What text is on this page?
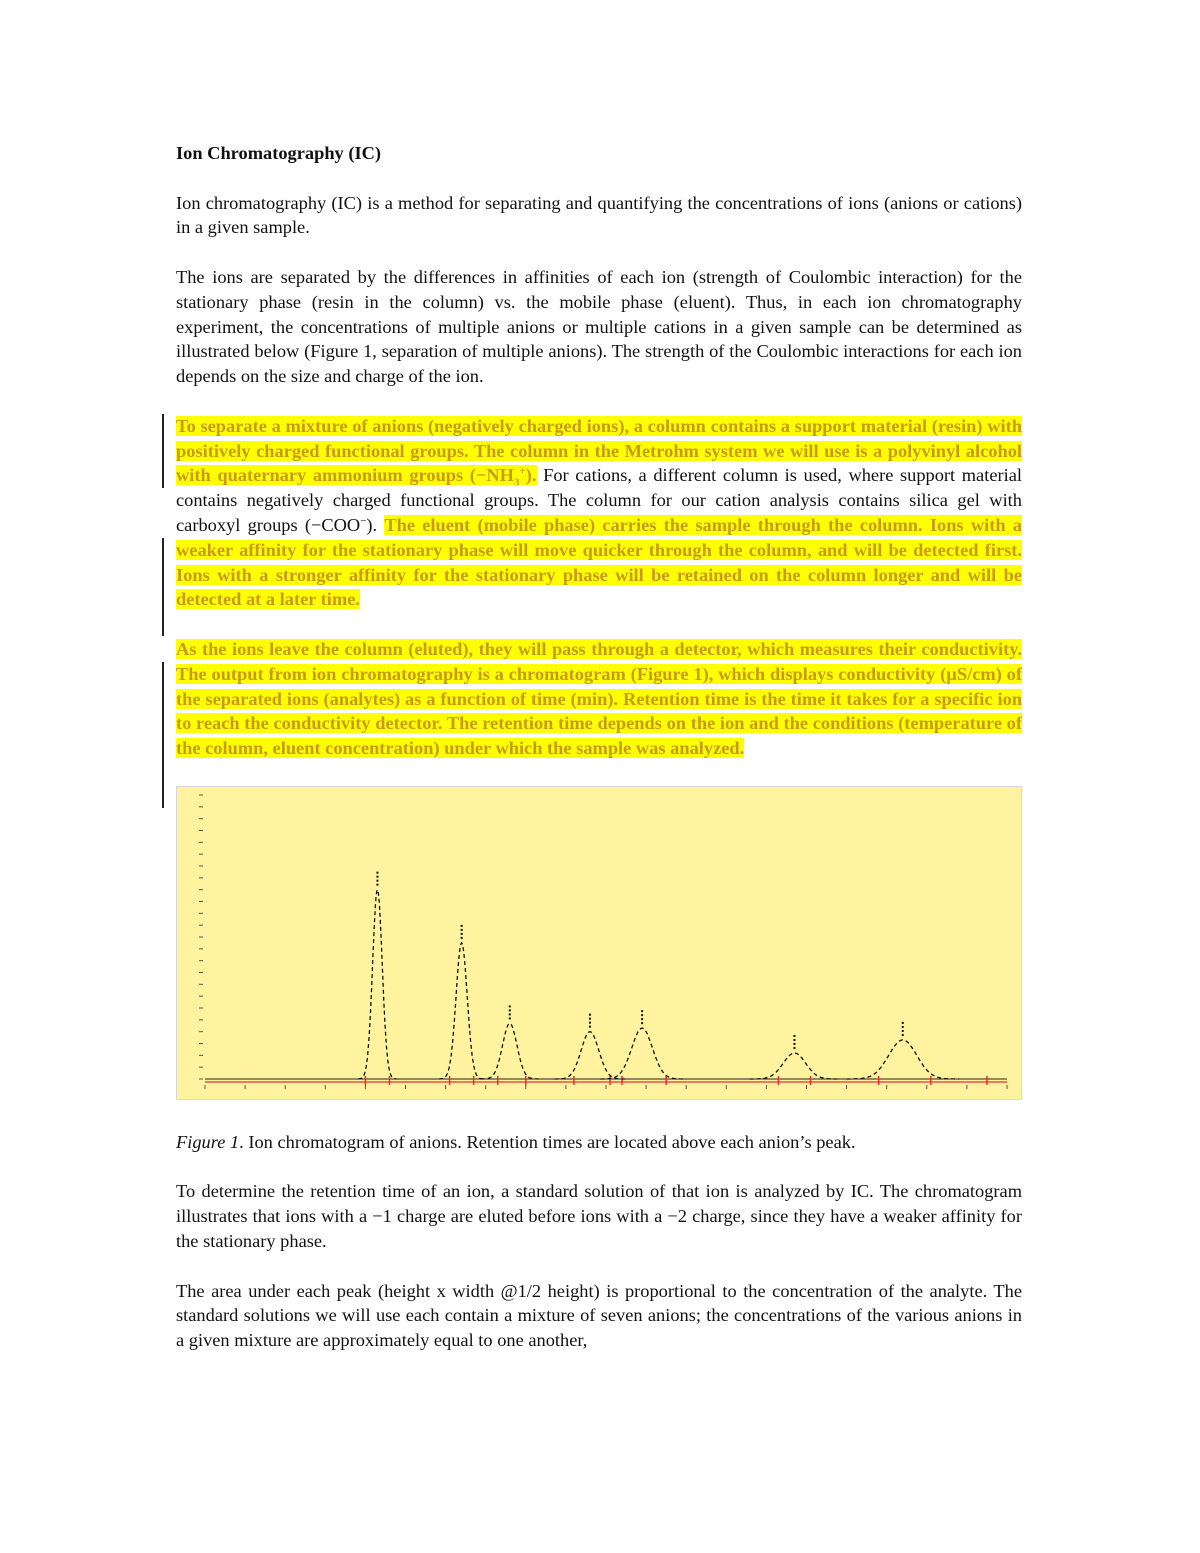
Ion Chromatography (IC)

Ion chromatography (IC) is a method for separating and quantifying the concentrations of ions (anions or cations) in a given sample.

The ions are separated by the differences in affinities of each ion (strength of Coulombic interaction) for the stationary phase (resin in the column) vs. the mobile phase (eluent). Thus, in each ion chromatography experiment, the concentrations of multiple anions or multiple cations in a given sample can be determined as illustrated below (Figure 1, separation of multiple anions). The strength of the Coulombic interactions for each ion depends on the size and charge of the ion.

To separate a mixture of anions (negatively charged ions), a column contains a support material (resin) with positively charged functional groups. The column in the Metrohm system we will use is a polyvinyl alcohol with quaternary ammonium groups $(-NH_3^+)$. For cations, a different column is used, where support material contains negatively charged functional groups. The column for our cation analysis contains silica gel with carboxyl groups (−COO−). The eluent (mobile phase) carries the sample through the column. Ions with a weaker affinity for the stationary phase will move quicker through the column, and will be detected first. Ions with a stronger affinity for the stationary phase will be retained on the column longer and will be detected at a later time.

As the ions leave the column (eluted), they will pass through a detector, which measures their conductivity. The output from ion chromatography is a chromatogram (Figure 1), which displays conductivity (µS/cm) of the separated ions (analytes) as a function of time (min). Retention time is the time it takes for a specific ion to reach the conductivity detector. The retention time depends on the ion and the conditions (temperature of the column, eluent concentration) under which the sample was analyzed.

Figure 1. Ion chromatogram of anions. Retention times are located above each anion’s peak.

To determine the retention time of an ion, a standard solution of that ion is analyzed by IC. The chromatogram illustrates that ions with a −1 charge are eluted before ions with a −2 charge, since they have a weaker affinity for the stationary phase.

The area under each peak (height x width @1/2 height) is proportional to the concentration of the analyte. The standard solutions we will use each contain a mixture of seven anions; the concentrations of the various anions in a given mixture are approximately equal to one another,
